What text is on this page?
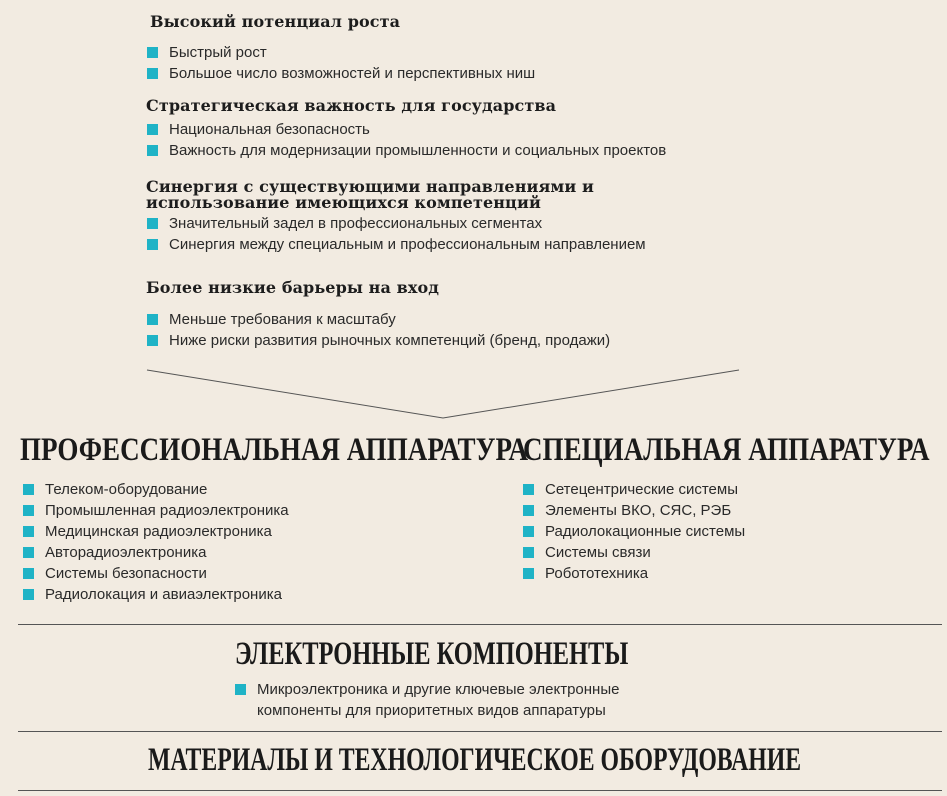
Высокий потенциал роста
Быстрый рост
Большое число возможностей и перспективных ниш
Стратегическая важность для государства
Национальная безопасность
Важность для модернизации промышленности и социальных проектов
Синергия с существующими направлениями и использование имеющихся компетенций
Значительный задел в профессиональных сегментах
Синергия между специальным и профессиональным направлением
Более низкие барьеры на вход
Меньше требования к масштабу
Ниже риски развития рыночных компетенций (бренд, продажи)
ПРОФЕССИОНАЛЬНАЯ АППАРАТУРА
Телеком-оборудование
Промышленная радиоэлектроника
Медицинская радиоэлектроника
Авторадиоэлектроника
Системы безопасности
Радиолокация и авиаэлектроника
СПЕЦИАЛЬНАЯ АППАРАТУРА
Сетецентрические системы
Элементы ВКО, СЯС, РЭБ
Радиолокационные системы
Системы связи
Робототехника
ЭЛЕКТРОННЫЕ КОМПОНЕНТЫ
Микроэлектроника и другие ключевые электронные компоненты для приоритетных видов аппаратуры
МАТЕРИАЛЫ И ТЕХНОЛОГИЧЕСКОЕ ОБОРУДОВАНИЕ
